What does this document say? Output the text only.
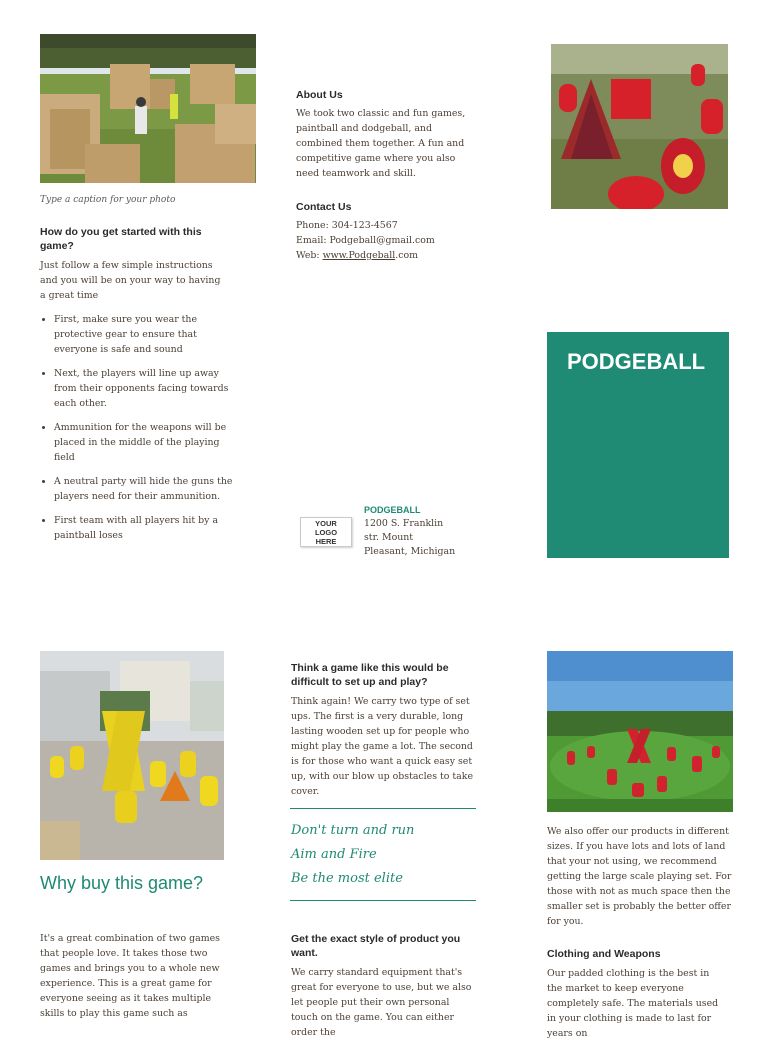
Type a caption for your photo
How do you get started with this game?
Just follow a few simple instructions and you will be on your way to having a great time
• First, make sure you wear the protective gear to ensure that everyone is safe and sound
• Next, the players will line up away from their opponents facing towards each other.
• Ammunition for the weapons will be placed in the middle of the playing field
• A neutral party will hide the guns the players need for their ammunition.
• First team with all players hit by a paintball loses
About Us
We took two classic and fun games, paintball and dodgeball, and combined them together. A fun and competitive game where you also need teamwork and skill.
Contact Us
Phone: 304-123-4567
Email: Podgeball@gmail.com
Web: www.Podgeball.com
YOUR LOGO HERE
PODGEBALL
1200 S. Franklin
str. Mount
Pleasant, Michigan
PODGEBALL
Why buy this game?
It's a great combination of two games that people love. It takes those two games and brings you to a whole new experience. This is a great game for everyone seeing as it takes multiple skills to play this game such as
Think a game like this would be difficult to set up and play?
Think again! We carry two type of set ups. The first is a very durable, long lasting wooden set up for people who might play the game a lot. The second is for those who want a quick easy set up, with our blow up obstacles to take cover.
Don't turn and run
Aim and Fire
Be the most elite
Get the exact style of product you want.
We carry standard equipment that's great for everyone to use, but we also let people put their own personal touch on the game. You can either order the
We also offer our products in different sizes. If you have lots and lots of land that your not using, we recommend getting the large scale playing set. For those with not as much space then the smaller set is probably the better offer for you.
Clothing and Weapons
Our padded clothing is the best in the market to keep everyone completely safe. The materials used in your clothing is made to last for years on
